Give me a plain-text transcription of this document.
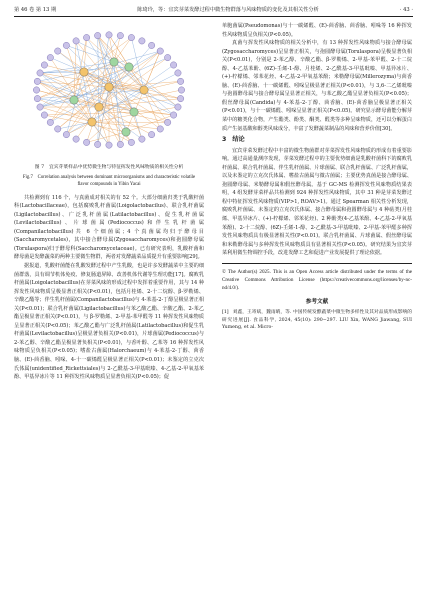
第 46 卷 第 13 期	陈琦玲，等：宜宾芽菜发酵过程中微生物群落与风味物质的变化及其相关性分析	· 43 ·
图 7　宜宾芽菜样品中优势微生物与特征挥发性风味物质的相关性分析
Fig.7　Correlation analysis between dominant microorganisms and characteristic volatile flavor compounds in Yibin Yacai

共检测到有 116 个，与真菌成对相关的有 52 个。大部分细菌归类于乳酸杆菌科(Lactobacillaceae)，包括腐败乳杆菌属(Loigolactobacilus)、联合乳杆菌属(Ligilactobacillus)、广泛乳杆菌属(Latilactobacillus)、促生乳杆菌属(Levilactobacillus)、片球菌属(Pediococcus)和伴生乳杆菌属(Companilactobacillus)共 6 个细菌属；4 个真菌属均归于酵母目(Saccharomycetales)，其中接合酵母属(Zygosaccharomyces)和孢圆酵母属(Torulaspora)归于酵母科(Saccharomycetaceae)。已有研究表明，乳酸杆菌和酵母菌是发酵蔬菜的两种主要微生物群，两者对发酵蔬菜品质提升有重要影响[29]。

据报道，乳酸杆菌能在乳酸发酵过程中产生乳酸，也是许多发酵蔬菜中主要的细菌群落，具有调节机体免疫、修复肠道屏障、改善机体代谢等生理功能[17]。腐败乳杆菌属(Loigolactobacillus)在芽菜风味的形成过程中发挥着重要作用，其与 14 种挥发性风味物质呈极显著正相关(P<0.01)，包括月桂烯、2-十二烷醇、β-罗勒烯、辛酸乙酯等；伴生乳杆菌属(Companilactobacillus)与 4-苯基-2-丁醇呈极显著正相关(P<0.01)；联合乳杆菌属(Ligilactobacillus)与苯乙酸乙酯、辛酸乙酯、2-苯乙酯呈极显著正相关(P<0.01)，与 β-罗勒烯、2-甲基-苯甲醛等 11 种挥发性风味物质呈显著正相关(P<0.05)；苯乙酸乙酯与广泛乳杆菌属(Latilactobacillus)和促生乳杆菌属(Levilactobacillus)呈极显著负相关(P<0.01)，片球菌属(Pediococcus)与 2-苯乙醇、辛酸乙酯呈极显著负相关(P<0.01)，与香叶醇、乙苯等 16 种挥发性风味物质呈负相关(P<0.05)；嗜盐古菌属(Halorchaeum)与 4-苯基-2-丁醇、茴香脑、(E)-茴香脑、吲哚、4-十一碳烯醛呈极显著正相关(P<0.01)；未鉴定的立克次氏体属(unidentified_Rickettsiales)与 2-乙酰基-3-甲基吡嗪、4-乙基-2-甲氧基苯酚、甲基异冰片等 11 种挥发性风味物质呈显著负相关(P<0.05)；促

单胞菌属(Pseudomonas)与十一碳烯醛、(E)-茴香脑、茴香脑、吲哚等 16 种挥发性风味物质呈负相关(P<0.05)。

真菌与挥发性风味物质的相关分析中，有 13 种挥发性风味物质与接合酵母属(Zygosaccharomyces)呈显著正相关，与孢圆酵母属(Torulaspora)呈极显著负相关(P<0.01)，分别是 2-苯乙醇、辛酸乙酯、β-罗勒烯、2-甲基-苯甲醛、2-十二烷醇、4-乙基苯酚、(6Z)-壬烯-1-醇、月桂烯、2-乙酰基-3-甲基吡嗪、甲基异冰片、(+)-柠檬烯、邻苯花烃、4-乙基-2-甲氧基苯酚；米勒酵母属(Millerozyma)与茴香脑、(E)-茴香脑、十一碳烯醛、吲哚呈极显著正相关(P<0.01)，与 3,6-二乙烯吡嗪与孢圆酵母属与接合酵母属呈显著正相关，与苯乙酸乙酯呈显著负相关(P<0.05)；假丝酵母属(Candida)与 4-苯基-2-丁醇、茴香脑、(E)-茴香脑呈极显著正相关(P<0.01)，与十一碳烯醛、吲哚呈显著正相关(P<0.05)。研究显示酵母菌能分解芽菜中的糖类化合物，产生酯类、酚类、酮类、醛类等多种呈味物质，还可以分解蛋白质产生氨基酸和醇类风味成分，丰富了发酵蔬菜制品的风味和营养价值[30]。

3 结论

宜宾芽菜发酵过程中丰富的微生物菌群对芽菜挥发性风味物质的形成有着重要影响。通过高通量测序发现，芽菜发酵过程中的主要优势细菌是乳酸杆菌科下的腐败乳杆菌属、联合乳杆菌属、伴生乳杆菌属、片球菌属、联合乳杆菌属、广泛乳杆菌属，以及未鉴定的立克次氏体属、嗜盐古菌属与微古菌属；主要优势真菌是接合酵母属、孢圆酵母属、米勒酵母属和假丝酵母属。基于 GC-MS 检测挥发性风味物质结果表明，4 组发酵芽菜样品共检测到 924 种挥发性风味物质，其中 31 种是芽菜发酵过程中特征挥发性风味物质(VIP>1, ROAV>1)。通过 Spearman 相关性分析发现，腐败乳杆菌属、未鉴定的立克次氏体属、接合酵母属和孢圆酵母属与 4 种萜类(月桂烯、甲基异冰片、(+)-柠檬烯、邻苯花烃)、2 种酚类(4-乙基苯酚、4-乙基-2-甲氧基苯酚)、2-十二烷醇、(6Z)-壬烯-1-醇、2-乙酰基-3-甲基吡嗪、2-甲基-苯甲醛多种挥发性风味物质具有极显著相关性(P<0.01)。联合乳杆菌属、片球菌属、假丝酵母属和米勒酵母属与多种挥发性风味物质具有显著相关性(P<0.05)。研究结果为宜宾芽菜利用微生物调控手段，改进发酵工艺和促进产业发展提供了理论依据。

© The Author(s) 2025. This is an Open Access article distributed under the terms of the Creative Commons Attribution License (https://creativecommons.org/licenses/by-nc-nd/4.0/).
参考文献
[1] 刘鑫，王寄斌，魏雨晴，等. 中国传统发酵蔬菜中微生物多样性及其对品质形成影响的研究进展[J]. 食品科学, 2024, 45(10): 290−297. LIU Xin, WANG Jiawang, SUI Yumeng, et al. Micro-
